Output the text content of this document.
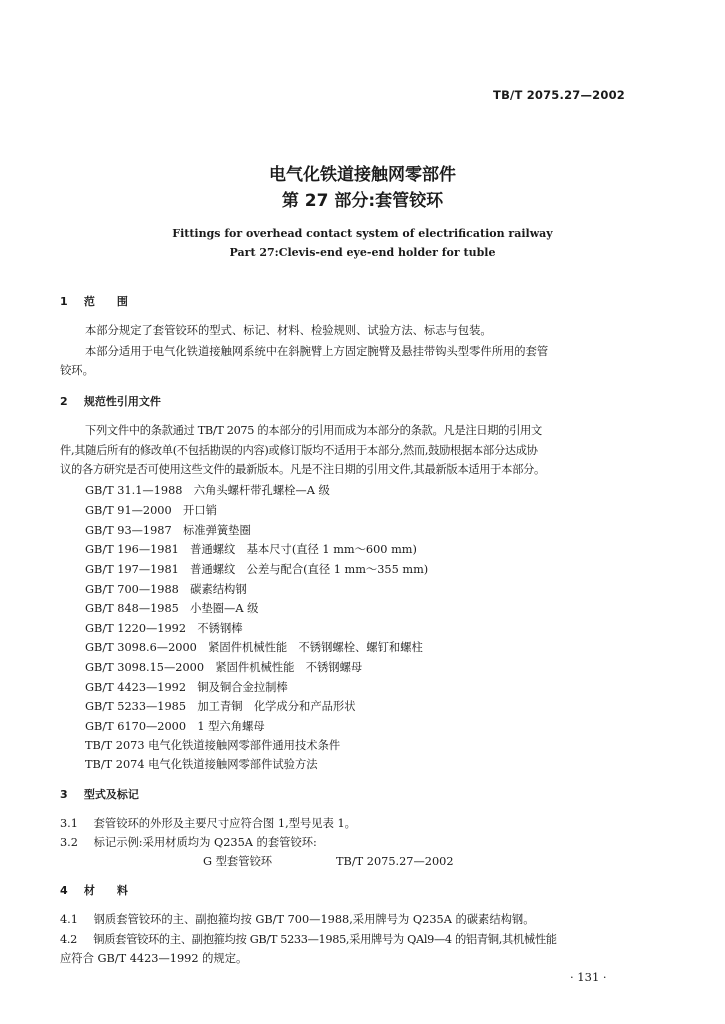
TB/T 2075.27—2002
电气化铁道接触网零部件
第 27 部分:套管铰环
Fittings for overhead contact system of electrification railway
Part 27:Clevis-end eye-end holder for tuble
1 范　　围
本部分规定了套管铰环的型式、标记、材料、检验规则、试验方法、标志与包装。
本部分适用于电气化铁道接触网系统中在斜腕臂上方固定腕臂及悬挂带钩头型零件所用的套管
铰环。
2 规范性引用文件
下列文件中的条款通过 TB/T 2075 的本部分的引用而成为本部分的条款。凡是注日期的引用文
件,其随后所有的修改单(不包括勘误的内容)或修订版均不适用于本部分,然而,鼓励根据本部分达成协
议的各方研究是否可使用这些文件的最新版本。凡是不注日期的引用文件,其最新版本适用于本部分。
GB/T 31.1—1988　六角头螺杆带孔螺栓—A 级
GB/T 91—2000　开口销
GB/T 93—1987　标准弹簧垫圈
GB/T 196—1981　普通螺纹　基本尺寸(直径 1 mm～600 mm)
GB/T 197—1981　普通螺纹　公差与配合(直径 1 mm～355 mm)
GB/T 700—1988　碳素结构钢
GB/T 848—1985　小垫圈—A 级
GB/T 1220—1992　不锈钢棒
GB/T 3098.6—2000　紧固件机械性能　不锈钢螺栓、螺钉和螺柱
GB/T 3098.15—2000　紧固件机械性能　不锈钢螺母
GB/T 4423—1992　铜及铜合金拉制棒
GB/T 5233—1985　加工青铜　化学成分和产品形状
GB/T 6170—2000　1 型六角螺母
TB/T 2073 电气化铁道接触网零部件通用技术条件
TB/T 2074 电气化铁道接触网零部件试验方法
3 型式及标记
3.1 套管铰环的外形及主要尺寸应符合图 1,型号见表 1。
3.2 标记示例:采用材质均为 Q235A 的套管铰环:
G 型套管铰环	TB/T 2075.27—2002
4 材　　料
4.1 钢质套管铰环的主、副抱箍均按 GB/T 700—1988,采用牌号为 Q235A 的碳素结构钢。
4.2 铜质套管铰环的主、副抱箍均按 GB/T 5233—1985,采用牌号为 QAl9—4 的铝青铜,其机械性能
应符合 GB/T 4423—1992 的规定。
· 131 ·
